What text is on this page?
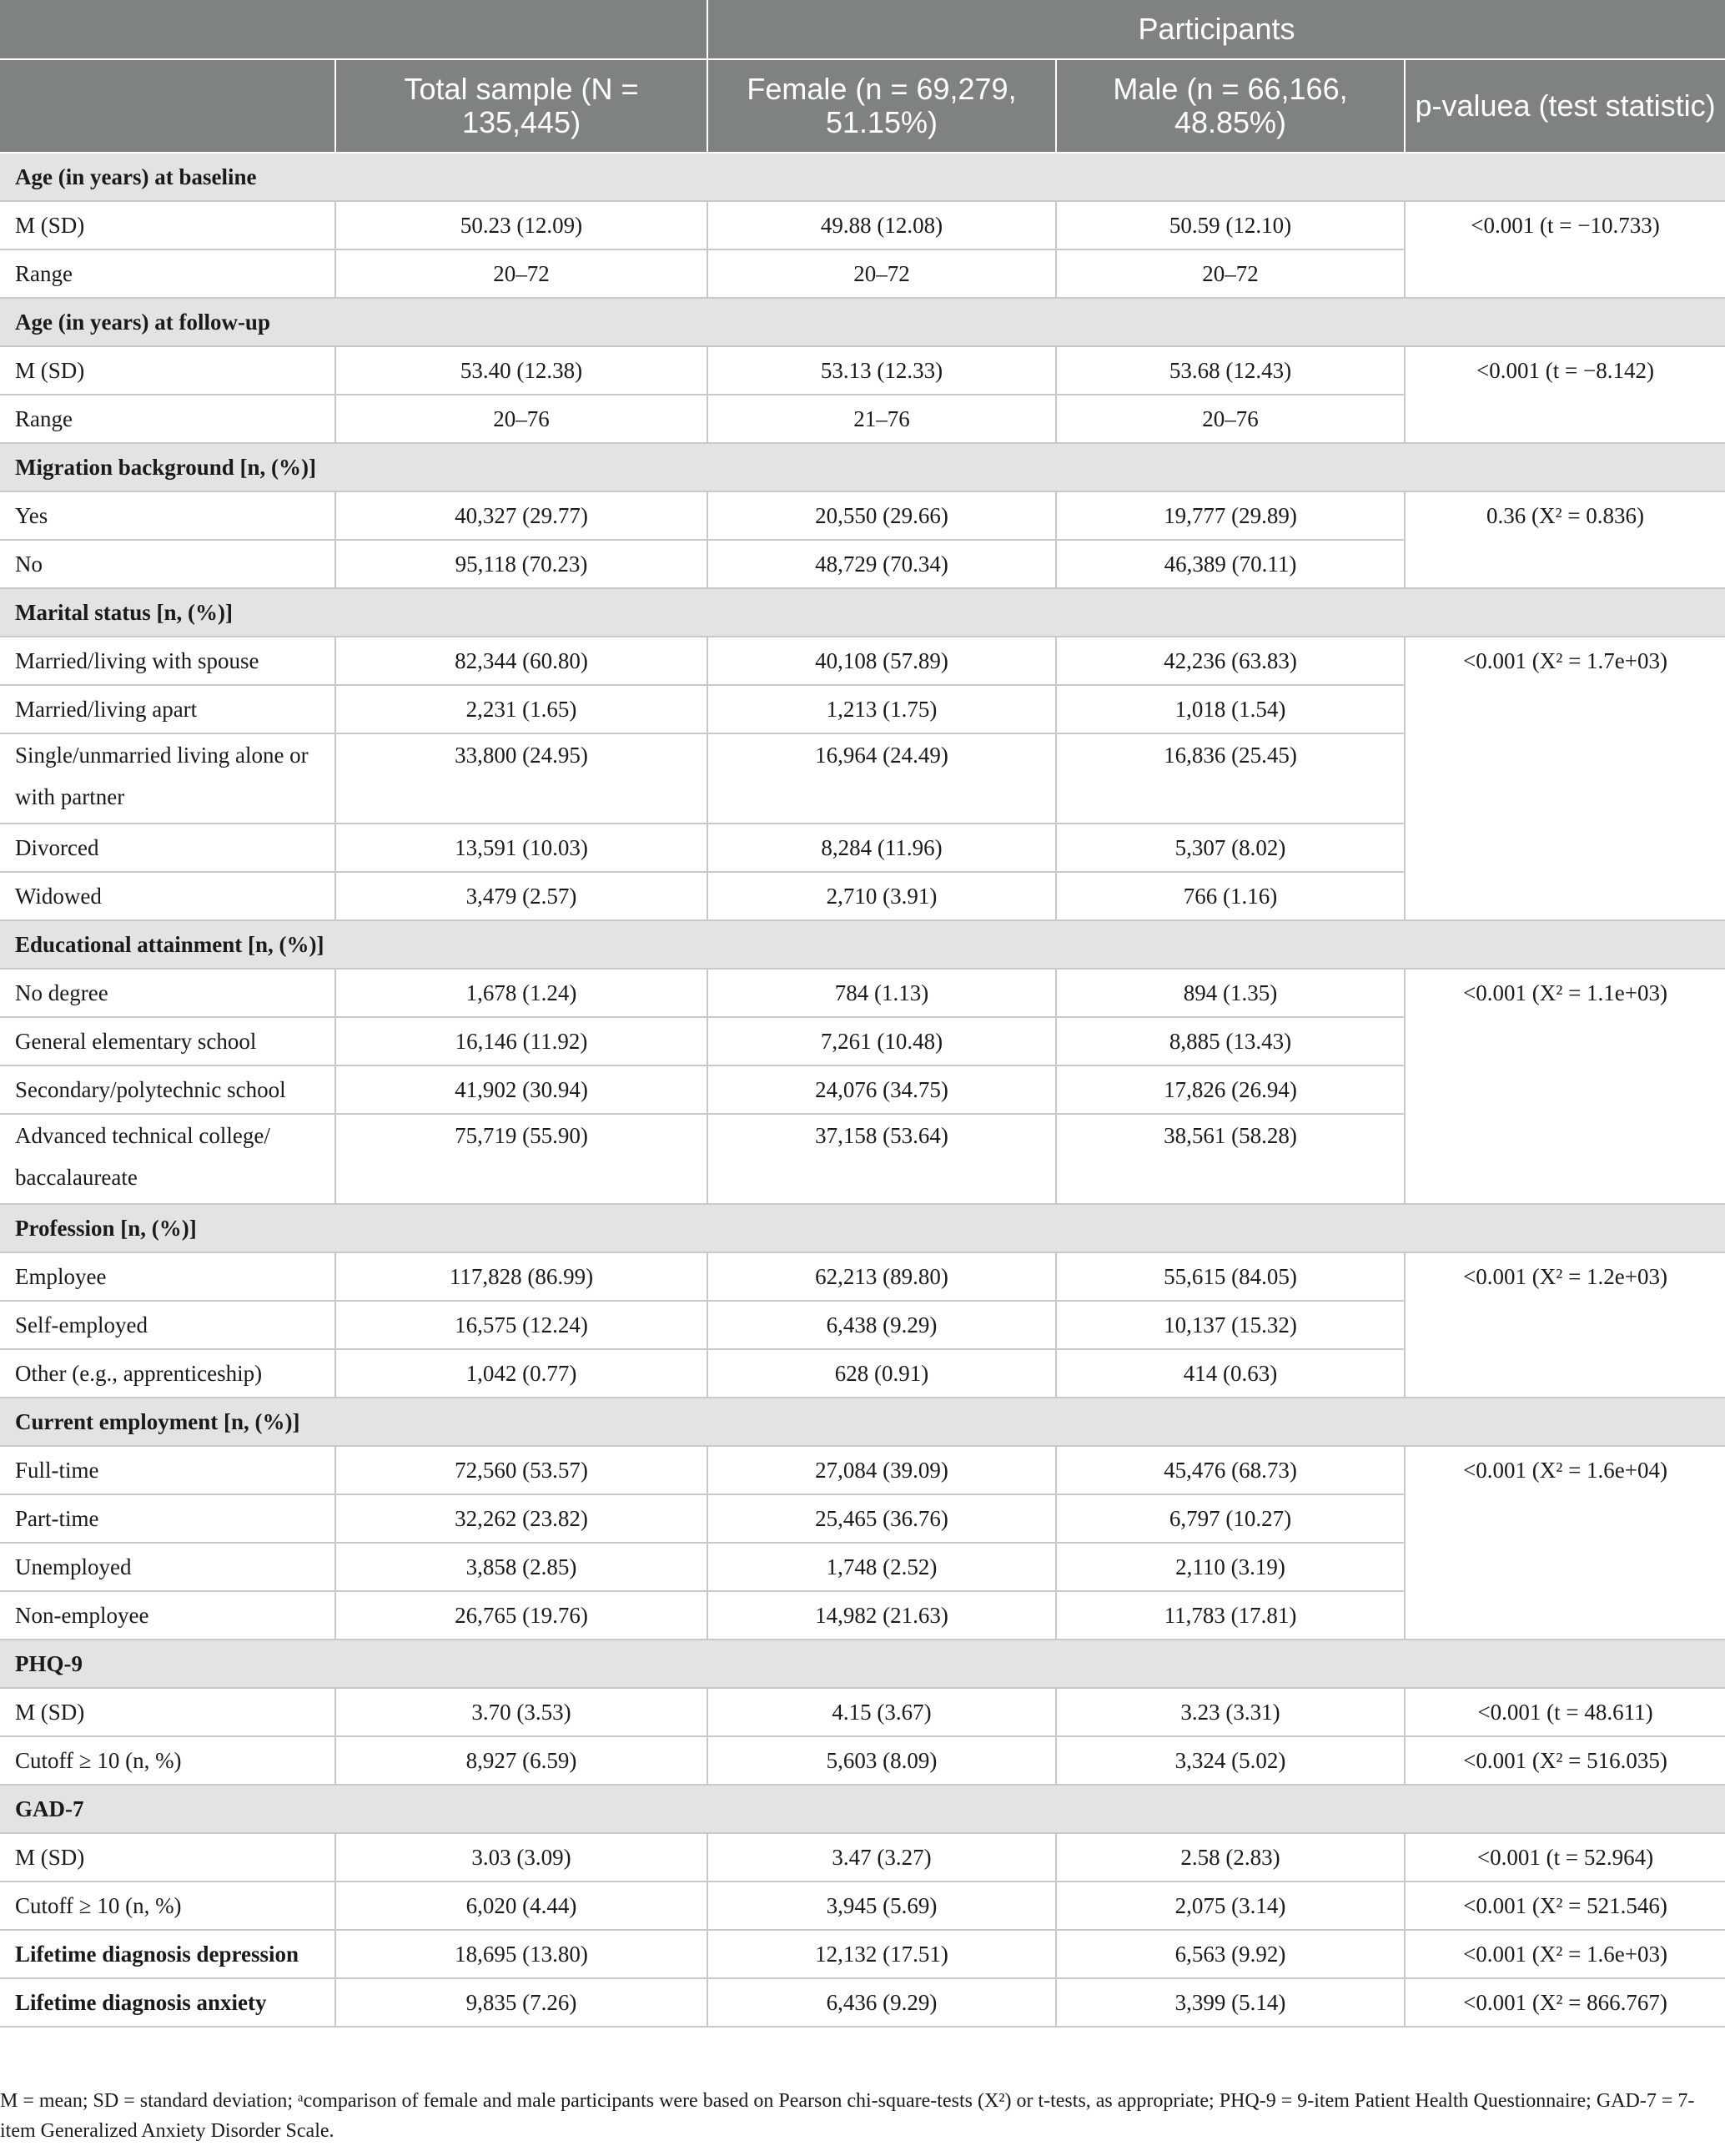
		Participants		
	Total sample (N = 135,445)	Female (n = 69,279, 51.15%)	Male (n = 66,166, 48.85%)	p-valuea (test statistic)
Age (in years) at baseline				
M (SD)	50.23 (12.09)	49.88 (12.08)	50.59 (12.10)	<0.001 (t = −10.733)
Range	20–72	20–72	20–72	
Age (in years) at follow-up				
M (SD)	53.40 (12.38)	53.13 (12.33)	53.68 (12.43)	<0.001 (t = −8.142)
Range	20–76	21–76	20–76	
Migration background [n, (%)]				
Yes	40,327 (29.77)	20,550 (29.66)	19,777 (29.89)	0.36 (X² = 0.836)
No	95,118 (70.23)	48,729 (70.34)	46,389 (70.11)	
Marital status [n, (%)]				
Married/living with spouse	82,344 (60.80)	40,108 (57.89)	42,236 (63.83)	<0.001 (X² = 1.7e+03)
Married/living apart	2,231 (1.65)	1,213 (1.75)	1,018 (1.54)	
Single/unmarried living alone or with partner	33,800 (24.95)	16,964 (24.49)	16,836 (25.45)	
Divorced	13,591 (10.03)	8,284 (11.96)	5,307 (8.02)	
Widowed	3,479 (2.57)	2,710 (3.91)	766 (1.16)	
Educational attainment [n, (%)]				
No degree	1,678 (1.24)	784 (1.13)	894 (1.35)	<0.001 (X² = 1.1e+03)
General elementary school	16,146 (11.92)	7,261 (10.48)	8,885 (13.43)	
Secondary/polytechnic school	41,902 (30.94)	24,076 (34.75)	17,826 (26.94)	
Advanced technical college/ baccalaureate	75,719 (55.90)	37,158 (53.64)	38,561 (58.28)	
Profession [n, (%)]				
Employee	117,828 (86.99)	62,213 (89.80)	55,615 (84.05)	<0.001 (X² = 1.2e+03)
Self-employed	16,575 (12.24)	6,438 (9.29)	10,137 (15.32)	
Other (e.g., apprenticeship)	1,042 (0.77)	628 (0.91)	414 (0.63)	
Current employment [n, (%)]				
Full-time	72,560 (53.57)	27,084 (39.09)	45,476 (68.73)	<0.001 (X² = 1.6e+04)
Part-time	32,262 (23.82)	25,465 (36.76)	6,797 (10.27)	
Unemployed	3,858 (2.85)	1,748 (2.52)	2,110 (3.19)	
Non-employee	26,765 (19.76)	14,982 (21.63)	11,783 (17.81)	
PHQ-9				
M (SD)	3.70 (3.53)	4.15 (3.67)	3.23 (3.31)	<0.001 (t = 48.611)
Cutoff ≥ 10 (n, %)	8,927 (6.59)	5,603 (8.09)	3,324 (5.02)	<0.001 (X² = 516.035)
GAD-7				
M (SD)	3.03 (3.09)	3.47 (3.27)	2.58 (2.83)	<0.001 (t = 52.964)
Cutoff ≥ 10 (n, %)	6,020 (4.44)	3,945 (5.69)	2,075 (3.14)	<0.001 (X² = 521.546)
Lifetime diagnosis depression	18,695 (13.80)	12,132 (17.51)	6,563 (9.92)	<0.001 (X² = 1.6e+03)
Lifetime diagnosis anxiety	9,835 (7.26)	6,436 (9.29)	3,399 (5.14)	<0.001 (X² = 866.767)
M = mean; SD = standard deviation; ᵃcomparison of female and male participants were based on Pearson chi-square-tests (X²) or t-tests, as appropriate; PHQ-9 = 9-item Patient Health Questionnaire; GAD-7 = 7-item Generalized Anxiety Disorder Scale.
